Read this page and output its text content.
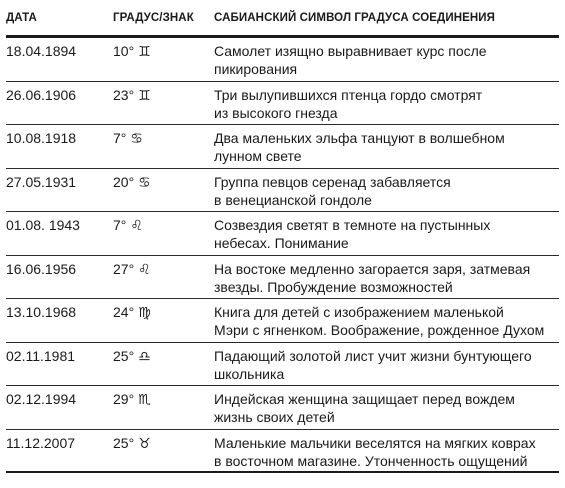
ДАТА	ГРАДУС/ЗНАК	САБИАНСКИЙ СИМВОЛ ГРАДУСА СОЕДИНЕНИЯ
18.04.1894	10° ♊	Самолет изящно выравнивает курс после
пикирования
26.06.1906	23° ♊	Три вылупившихся птенца гордо смотрят
из высокого гнезда
10.08.1918	7° ♋	Два маленьких эльфа танцуют в волшебном
лунном свете
27.05.1931	20° ♋	Группа певцов серенад забавляется
в венецианской гондоле
01.08. 1943	7° ♌	Созвездия светят в темноте на пустынных
небесах. Понимание
16.06.1956	27° ♌	На востоке медленно загорается заря, затмевая
звезды. Пробуждение возможностей
13.10.1968	24° ♍	Книга для детей с изображением маленькой
Мэри с ягненком. Воображение, рожденное Духом
02.11.1981	25° ♎	Падающий золотой лист учит жизни бунтующего
школьника
02.12.1994	29° ♏	Индейская женщина защищает перед вождем
жизнь своих детей
11.12.2007	25° ♉	Маленькие мальчики веселятся на мягких коврах
в восточном магазине. Утонченность ощущений
